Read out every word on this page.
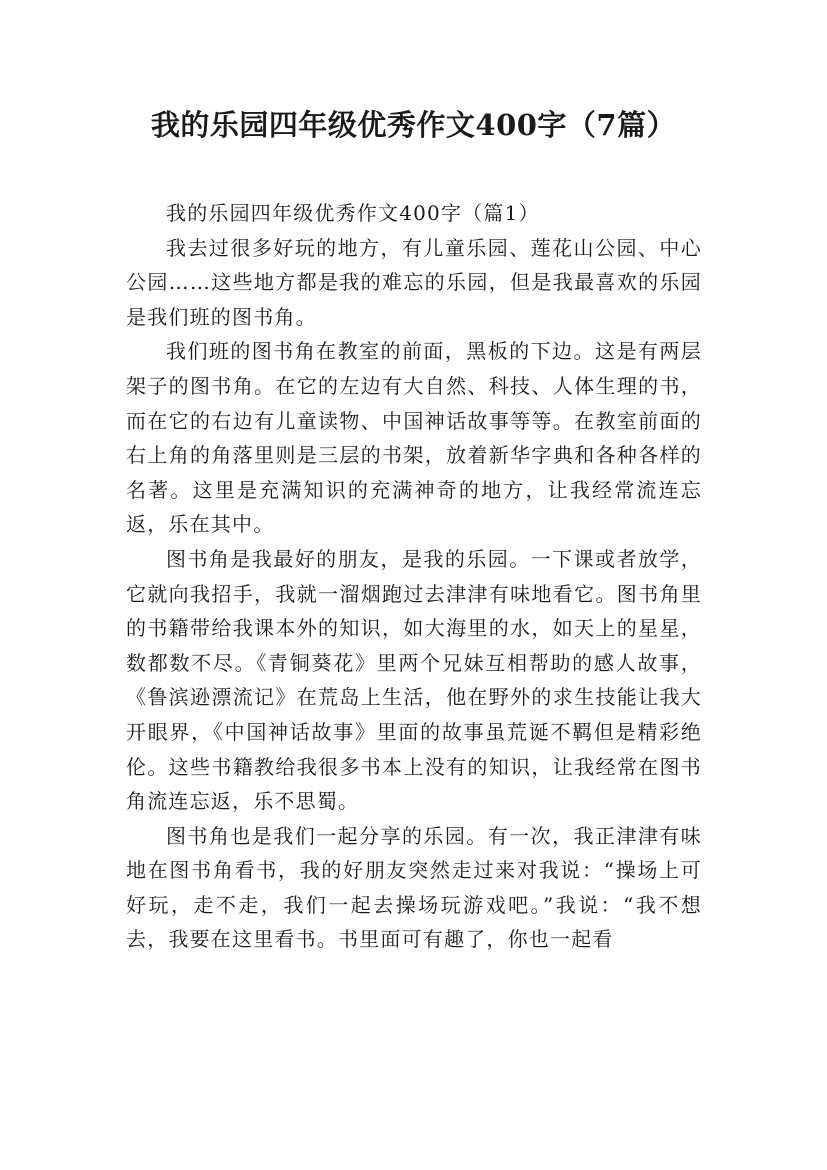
我的乐园四年级优秀作文400字（7篇）

我的乐园四年级优秀作文400字（篇1）

我去过很多好玩的地方，有儿童乐园、莲花山公园、中心公园……这些地方都是我的难忘的乐园，但是我最喜欢的乐园是我们班的图书角。

我们班的图书角在教室的前面，黑板的下边。这是有两层架子的图书角。在它的左边有大自然、科技、人体生理的书，而在它的右边有儿童读物、中国神话故事等等。在教室前面的右上角的角落里则是三层的书架，放着新华字典和各种各样的名著。这里是充满知识的充满神奇的地方，让我经常流连忘返，乐在其中。

图书角是我最好的朋友，是我的乐园。一下课或者放学，它就向我招手，我就一溜烟跑过去津津有味地看它。图书角里的书籍带给我课本外的知识，如大海里的水，如天上的星星，数都数不尽。《青铜葵花》里两个兄妹互相帮助的感人故事，《鲁滨逊漂流记》在荒岛上生活，他在野外的求生技能让我大开眼界，《中国神话故事》里面的故事虽荒诞不羁但是精彩绝伦。这些书籍教给我很多书本上没有的知识，让我经常在图书角流连忘返，乐不思蜀。

图书角也是我们一起分享的乐园。有一次，我正津津有味地在图书角看书，我的好朋友突然走过来对我说：“操场上可好玩，走不走，我们一起去操场玩游戏吧。”我说：“我不想去，我要在这里看书。书里面可有趣了，你也一起看
